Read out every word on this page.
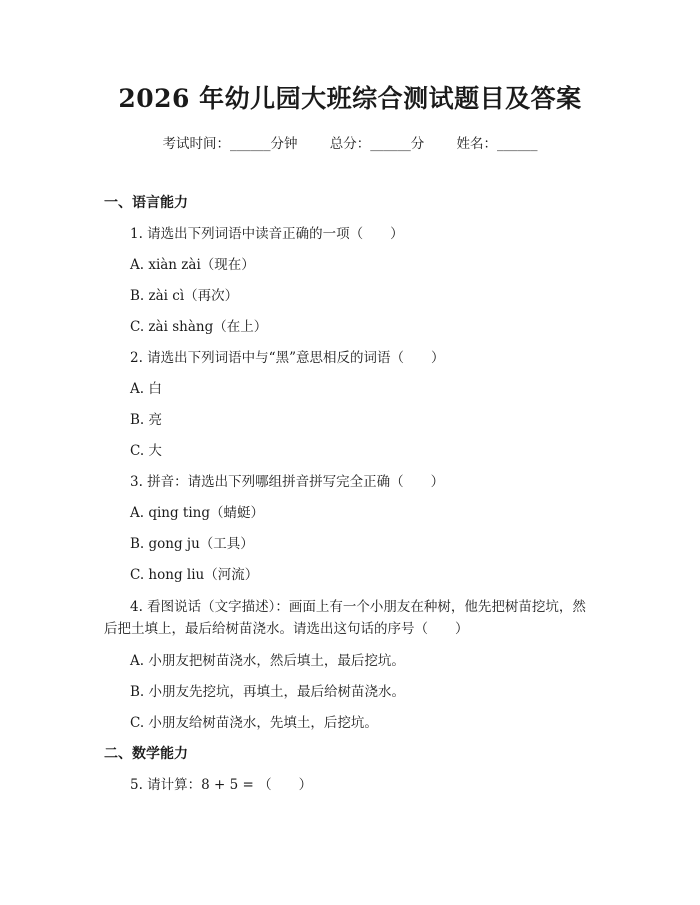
2026 年幼儿园大班综合测试题目及答案
考试时间：______分钟 总分：______分 姓名：______
一、语言能力
1. 请选出下列词语中读音正确的一项（　　）
A. xiàn zài（现在）
B. zài cì（再次）
C. zài shàng（在上）
2. 请选出下列词语中与“黑”意思相反的词语（　　）
A. 白
B. 亮
C. 大
3. 拼音：请选出下列哪组拼音拼写完全正确（　　）
A. qing ting（蜻蜓）
B. gong ju（工具）
C. hong liu（河流）
4. 看图说话（文字描述）：画面上有一个小朋友在种树，他先把树苗挖坑，然后把土填上，最后给树苗浇水。请选出这句话的序号（　　）
A. 小朋友把树苗浇水，然后填土，最后挖坑。
B. 小朋友先挖坑，再填土，最后给树苗浇水。
C. 小朋友给树苗浇水，先填土，后挖坑。
二、数学能力
5. 请计算：8 + 5 = （　　）
